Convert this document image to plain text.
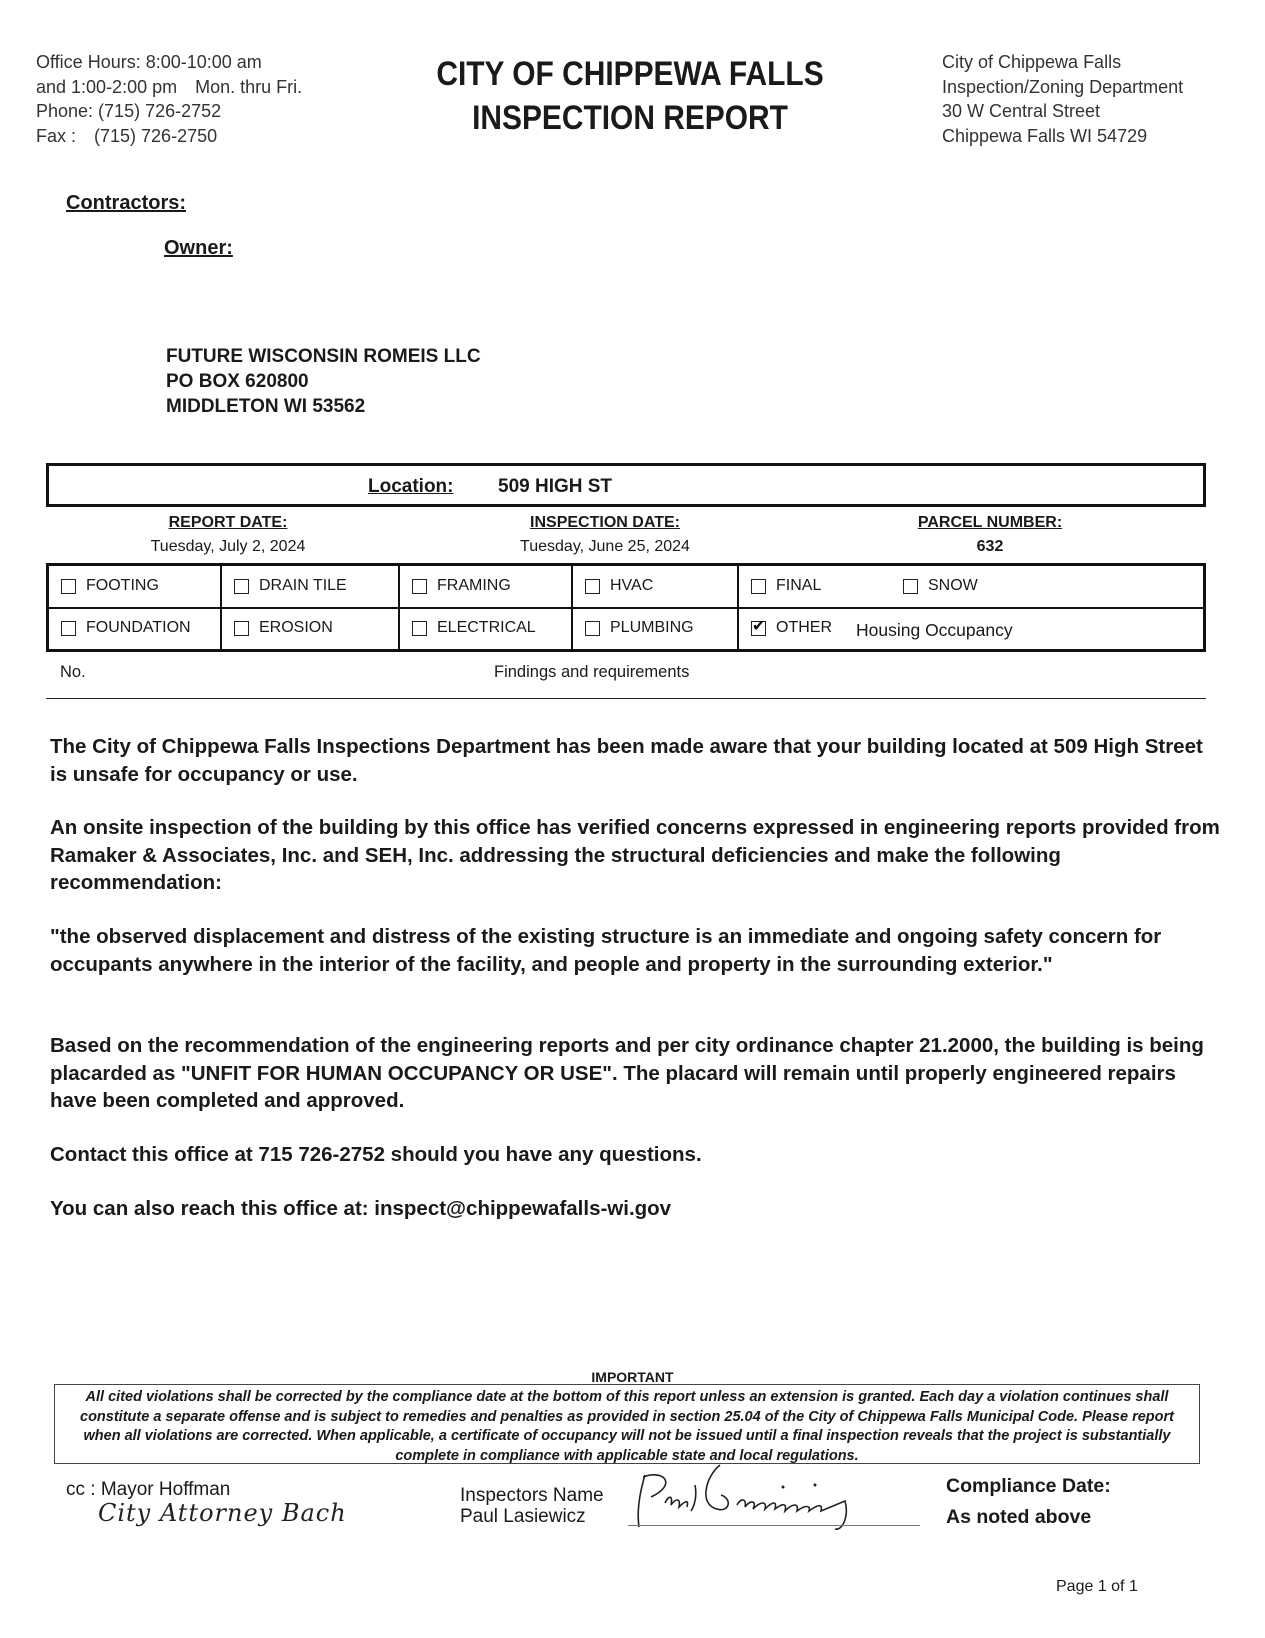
Office Hours: 8:00-10:00 am
and 1:00-2:00 pm Mon. thru Fri.
Phone: (715) 726-2752
Fax : (715) 726-2750
CITY OF CHIPPEWA FALLS
INSPECTION REPORT
City of Chippewa Falls
Inspection/Zoning Department
30 W Central Street
Chippewa Falls WI 54729
Contractors:
Owner:
FUTURE WISCONSIN ROMEIS LLC
PO BOX 620800
MIDDLETON WI 53562
Location: 509 HIGH ST
REPORT DATE:
Tuesday, July 2, 2024
INSPECTION DATE:
Tuesday, June 25, 2024
PARCEL NUMBER:
632
FOOTING	DRAIN TILE	FRAMING	HVAC	FINAL	SNOW
FOUNDATION	EROSION	ELECTRICAL	PLUMBING
✔	OTHER Housing Occupancy
No.	Findings and requirements
The City of Chippewa Falls Inspections Department has been made aware that your building located at 509 High Street is unsafe for occupancy or use.
An onsite inspection of the building by this office has verified concerns expressed in engineering reports provided from Ramaker & Associates, Inc. and SEH, Inc. addressing the structural deficiencies and make the following recommendation:
"the observed displacement and distress of the existing structure is an immediate and ongoing safety concern for occupants anywhere in the interior of the facility, and people and property in the surrounding exterior."
Based on the recommendation of the engineering reports and per city ordinance chapter 21.2000, the building is being placarded as "UNFIT FOR HUMAN OCCUPANCY OR USE". The placard will remain until properly engineered repairs have been completed and approved.
Contact this office at 715 726-2752 should you have any questions.
You can also reach this office at: inspect@chippewafalls-wi.gov
IMPORTANT
All cited violations shall be corrected by the compliance date at the bottom of this report unless an extension is granted. Each day a violation continues shall constitute a separate offense and is subject to remedies and penalties as provided in section 25.04 of the City of Chippewa Falls Municipal Code. Please report when all violations are corrected. When applicable, a certificate of occupancy will not be issued until a final inspection reveals that the project is substantially complete in compliance with applicable state and local regulations.
cc : Mayor Hoffman
City Attorney Bach
Inspectors Name
Paul Lasiewicz
Compliance Date:
As noted above
Page 1 of 1
